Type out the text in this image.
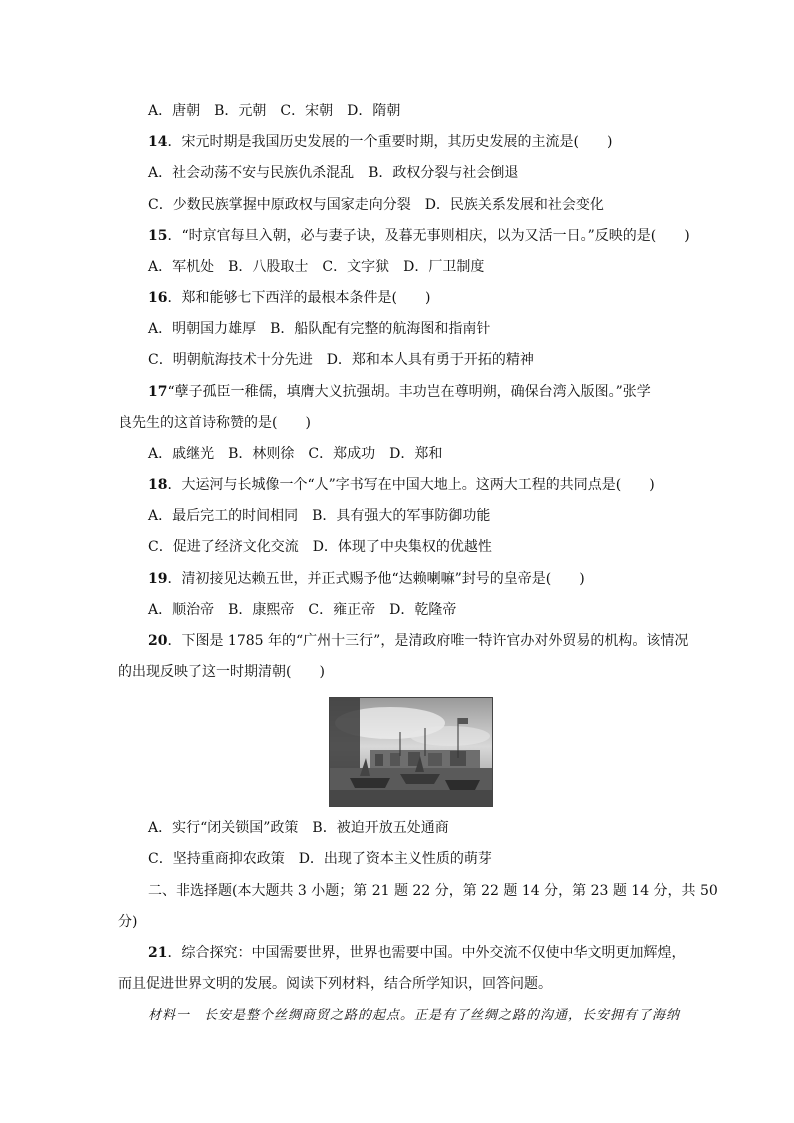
A．唐朝　B．元朝　C．宋朝　D．隋朝
14．宋元时期是我国历史发展的一个重要时期，其历史发展的主流是(　　)
A．社会动荡不安与民族仇杀混乱　B．政权分裂与社会倒退
C．少数民族掌握中原政权与国家走向分裂　D．民族关系发展和社会变化
15．“时京官每旦入朝，必与妻子诀，及暮无事则相庆，以为又活一日。”反映的是(　　)
A．军机处　B．八股取士　C．文字狱　D．厂卫制度
16．郑和能够七下西洋的最根本条件是(　　)
A．明朝国力雄厚　B．船队配有完整的航海图和指南针
C．明朝航海技术十分先进　D．郑和本人具有勇于开拓的精神
17“孽子孤臣一稚儒，填膺大义抗强胡。丰功岂在尊明朔，确保台湾入版图。”张学
良先生的这首诗称赞的是(　　)
A．戚继光　B．林则徐　C．郑成功　D．郑和
18．大运河与长城像一个“人”字书写在中国大地上。这两大工程的共同点是(　　)
A．最后完工的时间相同　B．具有强大的军事防御功能
C．促进了经济文化交流　D．体现了中央集权的优越性
19．清初接见达赖五世，并正式赐予他“达赖喇嘛”封号的皇帝是(　　)
A．顺治帝　B．康熙帝　C．雍正帝　D．乾隆帝
20．下图是 1785 年的“广州十三行”，是清政府唯一特许官办对外贸易的机构。该情况
的出现反映了这一时期清朝(　　)
A．实行“闭关锁国”政策　B．被迫开放五处通商
C．坚持重商抑农政策　D．出现了资本主义性质的萌芽
二、非选择题(本大题共 3 小题；第 21 题 22 分，第 22 题 14 分，第 23 题 14 分，共 50
分)
21．综合探究：中国需要世界，世界也需要中国。中外交流不仅使中华文明更加辉煌，
而且促进世界文明的发展。阅读下列材料，结合所学知识，回答问题。
材料一　长安是整个丝绸商贸之路的起点。正是有了丝绸之路的沟通，长安拥有了海纳
